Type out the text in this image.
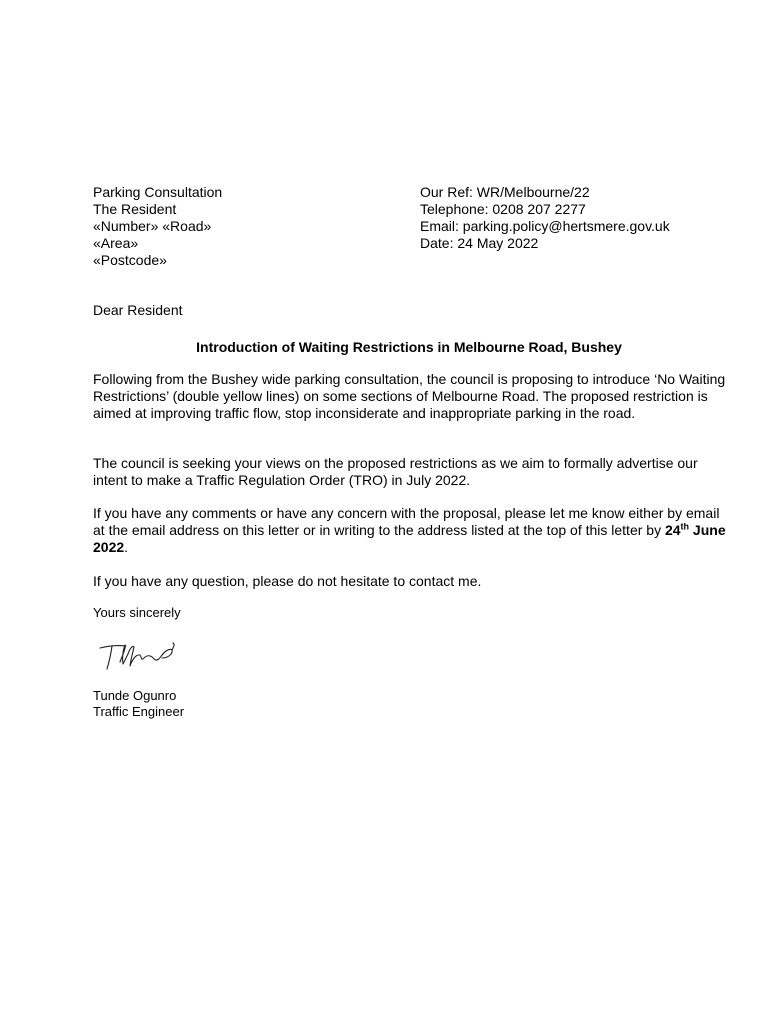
Parking Consultation
The Resident
«Number» «Road»
«Area»
«Postcode»
Our Ref: WR/Melbourne/22
Telephone: 0208 207 2277
Email: parking.policy@hertsmere.gov.uk
Date: 24 May 2022
Dear Resident
Introduction of Waiting Restrictions in Melbourne Road, Bushey

Following from the Bushey wide parking consultation, the council is proposing to introduce ‘No Waiting Restrictions’ (double yellow lines) on some sections of Melbourne Road. The proposed restriction is aimed at improving traffic flow, stop inconsiderate and inappropriate parking in the road.

The council is seeking your views on the proposed restrictions as we aim to formally advertise our intent to make a Traffic Regulation Order (TRO) in July 2022.

If you have any comments or have any concern with the proposal, please let me know either by email at the email address on this letter or in writing to the address listed at the top of this letter by 24th June 2022.

If you have any question, please do not hesitate to contact me.

Yours sincerely
Tunde Ogunro
Traffic Engineer
